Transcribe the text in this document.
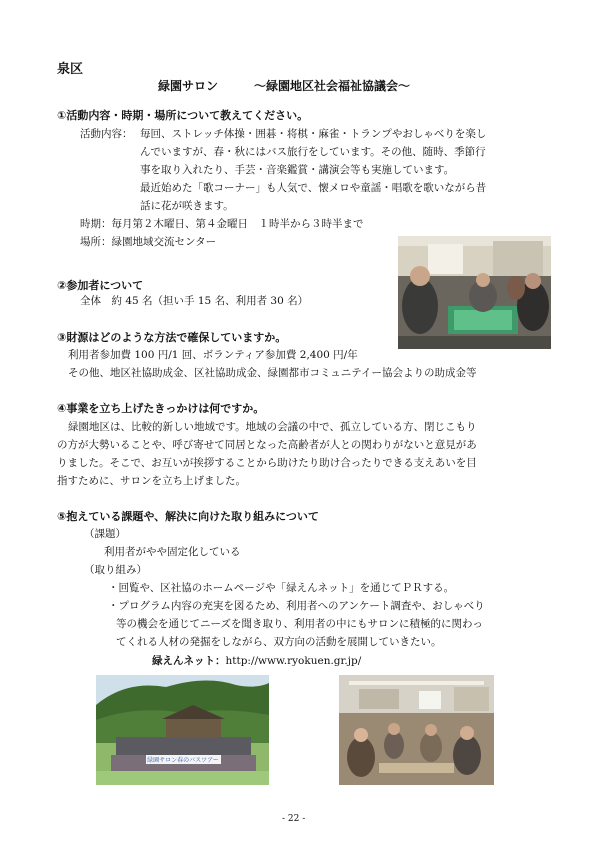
泉区
緑園サロン　　　～緑園地区社会福祉協議会～
①活動内容・時期・場所について教えてください。
活動内容： 毎回、ストレッチ体操・囲碁・将棋・麻雀・トランプやおしゃべりを楽し
んでいますが、春・秋にはバス旅行をしています。その他、随時、季節行
事を取り入れたり、手芸・音楽鑑賞・講演会等も実施しています。
最近始めた「歌コーナー」も人気で、懐メロや童謡・唱歌を歌いながら昔
話に花が咲きます。
時期：毎月第２木曜日、第４金曜日　１時半から３時半まで
場所：緑園地域交流センター
②参加者について
全体　約 45 名（担い手 15 名、利用者 30 名）
③財源はどのような方法で確保していますか。
利用者参加費 100 円/1 回、ボランティア参加費 2,400 円/年
その他、地区社協助成金、区社協助成金、緑園都市コミュニテイー協会よりの助成金等
④事業を立ち上げたきっかけは何ですか。
緑園地区は、比較的新しい地域です。地域の会議の中で、孤立している方、閉じこもり
の方が大勢いることや、呼び寄せて同居となった高齢者が人との関わりがないと意見があ
りました。そこで、お互いが挨拶することから助けたり助け合ったりできる支えあいを目
指すために、サロンを立ち上げました。
⑤抱えている課題や、解決に向けた取り組みについて
（課題）
利用者がやや固定化している
（取り組み）
・回覧や、区社協のホームページや「緑えんネット」を通じてＰＲする。
・プログラム内容の充実を図るため、利用者へのアンケート調査や、おしゃべり
等の機会を通じてニーズを聞き取り、利用者の中にもサロンに積極的に関わっ
てくれる人材の発掘をしながら、双方向の活動を展開していきたい。
緑えんネット：http://www.ryokuen.gr.jp/
緑園サロン春のバスツアー
- 22 -
